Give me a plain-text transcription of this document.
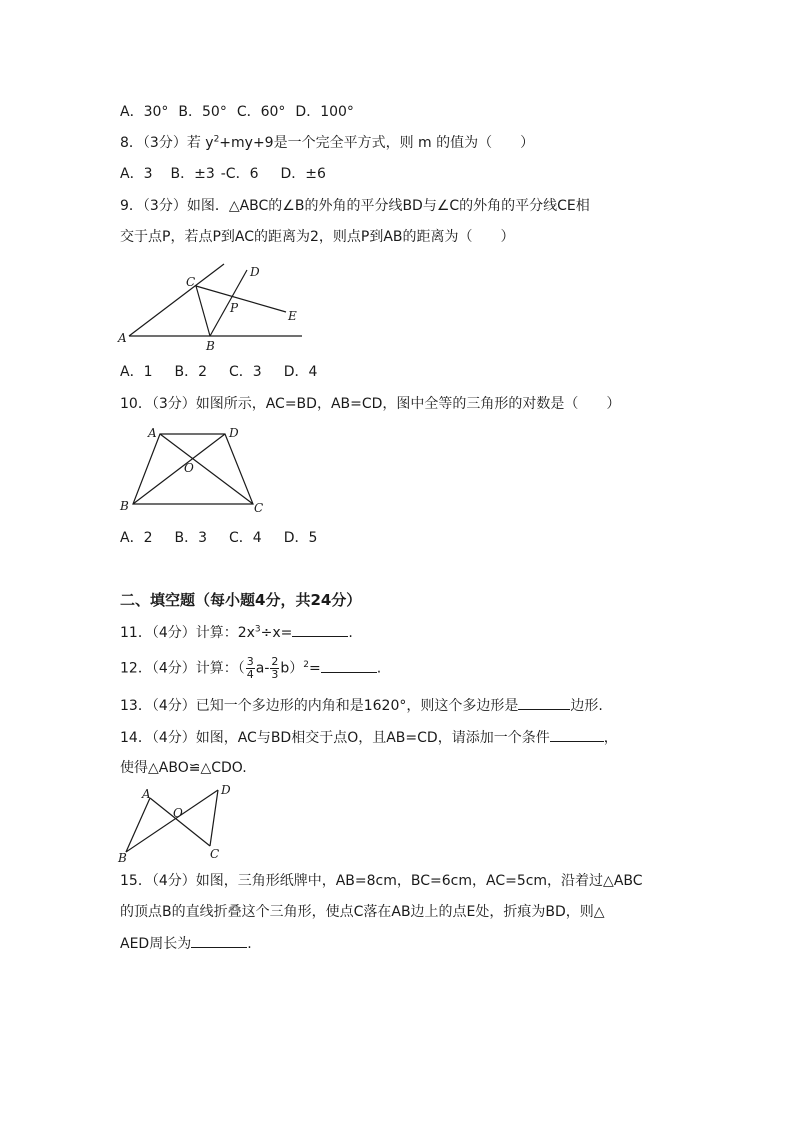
A．30° B．50° C．60° D．100°
8．（3分）若 $y^2+my+9$是一个完全平方式，则 m 的值为（　　）
A．3 B．±3 -C．6 D．±6
9．（3分）如图．△ABC的∠B的外角的平分线BD与∠C的外角的平分线CE相
交于点P，若点P到AC的距离为2，则点P到AB的距离为（　　）
A
B
C
D
E
P
A．1 B．2 C．3 D．4
10．（3分）如图所示，AC=BD，AB=CD，图中全等的三角形的对数是（　　）
A	D
O
B	C
A．2 B．3 C．4 D．5
二、填空题（每小题4分，共24分）
11．（4分）计算：$2x^3\div x=$	.
12．（4分）计算：（ $\frac{3}{4} a- \frac{2}{3} b)^2=$	.
13．（4分）已知一个多边形的内角和是1620°，则这个多边形是	边形.
14．（4分）如图，AC与BD相交于点O，且AB=CD，请添加一个条件	，
使得△ABO≌△CDO.
A	D
O
B	C
15．（4分）如图，三角形纸牌中，AB=8cm，BC=6cm，AC=5cm，沿着过△ABC
的顶点B的直线折叠这个三角形，使点C落在AB边上的点E处，折痕为BD，则△
AED周长为	.
